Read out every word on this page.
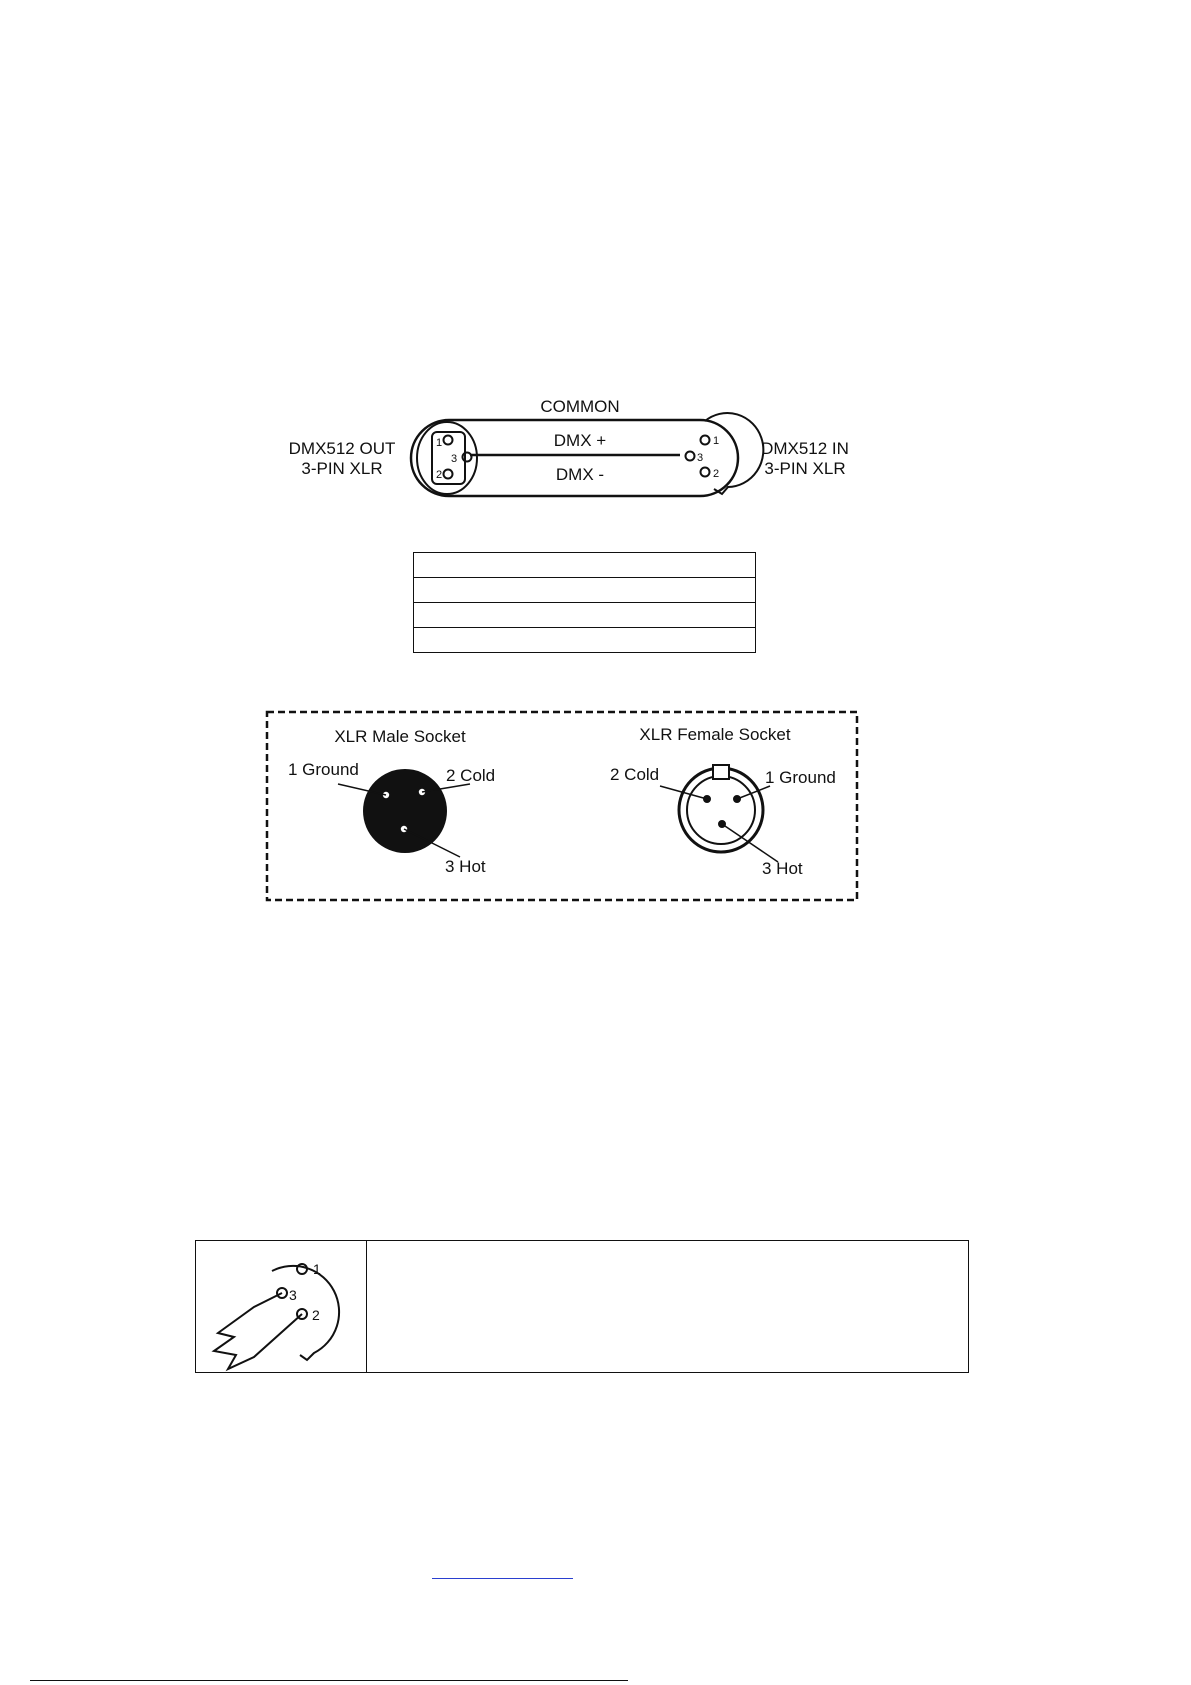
1
3
2
1
3
2
COMMON
DMX +
DMX -
DMX512 OUT
3-PIN XLR
DMX512 IN
3-PIN XLR
XLR Male Socket
1 Ground	2 Cold
3 Hot
XLR Female Socket
2 Cold	1 Ground
3 Hot

1
3
2
